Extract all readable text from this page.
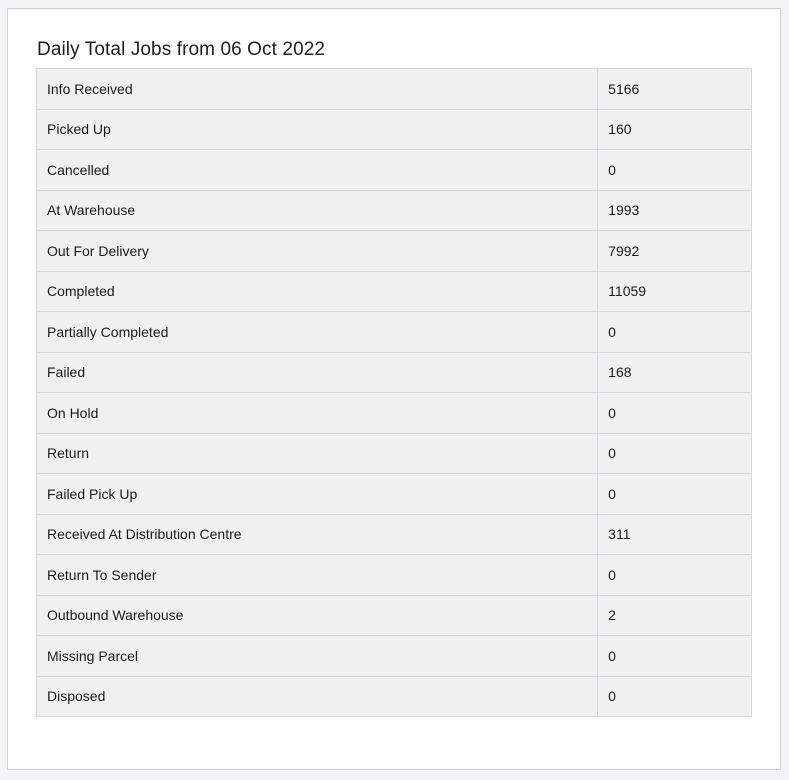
Daily Total Jobs from 06 Oct 2022
Info Received	5166
Picked Up	160
Cancelled	0
At Warehouse	1993
Out For Delivery	7992
Completed	11059
Partially Completed	0
Failed	168
On Hold	0
Return	0
Failed Pick Up	0
Received At Distribution Centre	311
Return To Sender	0
Outbound Warehouse	2
Missing Parcel	0
Disposed	0
